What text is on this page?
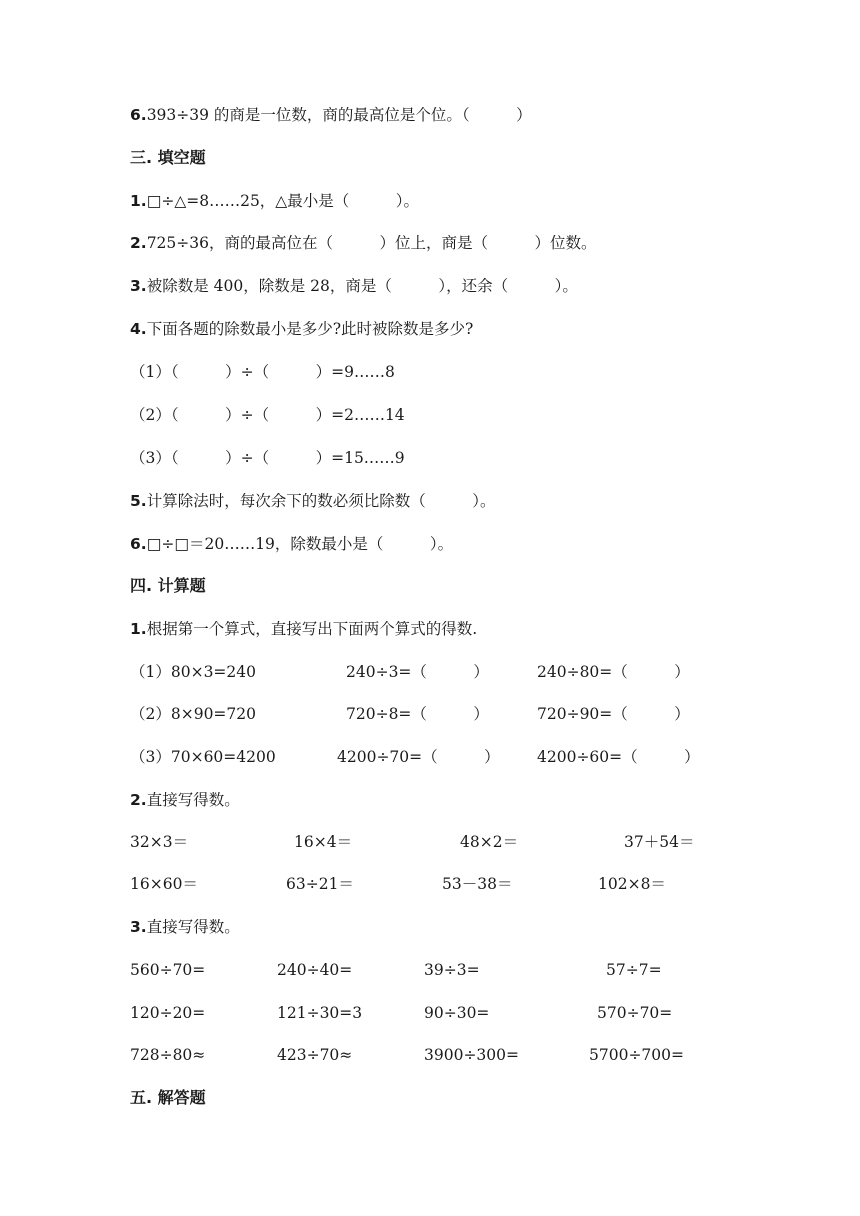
6.393÷39 的商是一位数，商的最高位是个位。（　　　）
三. 填空题
1.□÷△=8……25，△最小是（　　　）。
2.725÷36，商的最高位在（　　　）位上，商是（　　　）位数。
3.被除数是 400，除数是 28，商是（　　　），还余（　　　）。
4.下面各题的除数最小是多少?此时被除数是多少?
（1）（　　　）÷（　　　）=9……8
（2）（　　　）÷（　　　）=2……14
（3）（　　　）÷（　　　）=15……9
5.计算除法时，每次余下的数必须比除数（　　　）。
6.□÷□＝20……19，除数最小是（　　　）。
四. 计算题
1.根据第一个算式，直接写出下面两个算式的得数.
（1）80×3=240	240÷3=（　　　）	240÷80=（　　　）
（2）8×90=720	720÷8=（　　　）	720÷90=（　　　）
（3）70×60=4200	4200÷70=（　　　） 4200÷60=（　　　）
2.直接写得数。
32×3＝	16×4＝	48×2＝	37＋54＝
16×60＝	63÷21＝	53－38＝	102×8＝
3.直接写得数。
560÷70=	240÷40=	39÷3=	57÷7=
120÷20=	121÷30=3	90÷30=	570÷70=
728÷80≈	423÷70≈	3900÷300=	5700÷700=
五. 解答题
